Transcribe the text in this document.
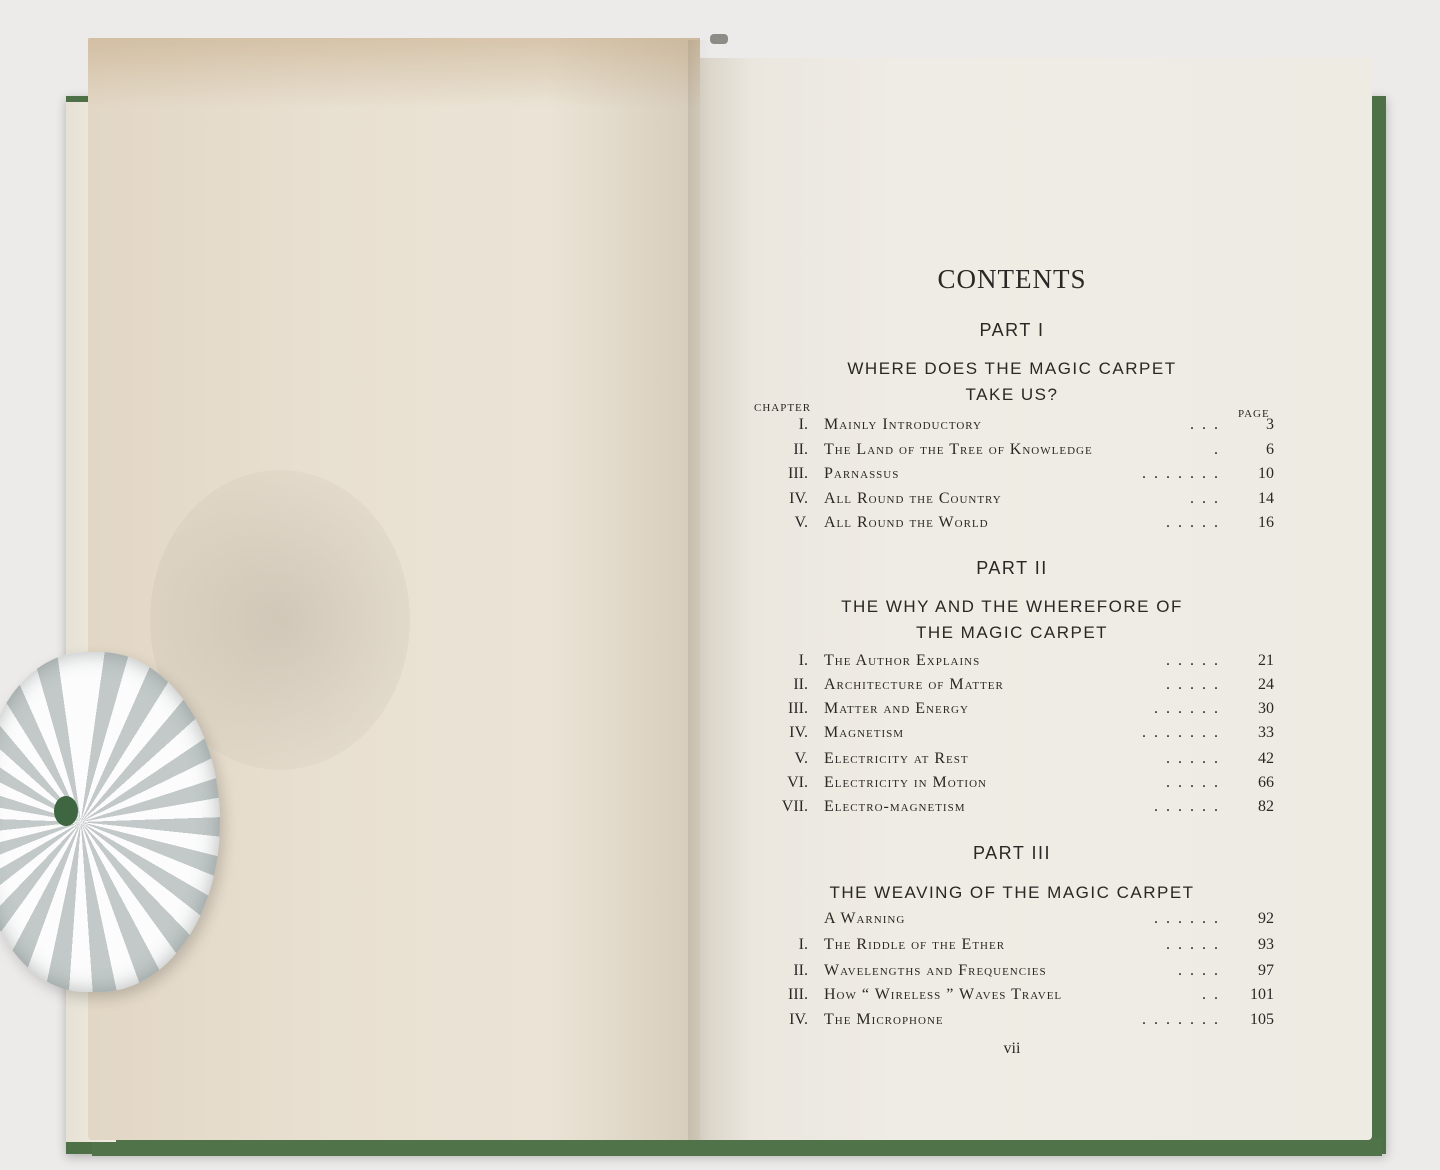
CONTENTS
PART I
WHERE DOES THE MAGIC CARPET
TAKE US?
CHAPTER	PAGE
I. Mainly Introductory	. . .	3
II. The Land of the Tree of Knowledge	.	6
III. Parnassus	. . . . . . .	10
IV. All Round the Country	. . .	14
V. All Round the World	. . . . .	16
PART II
THE WHY AND THE WHEREFORE OF
THE MAGIC CARPET
I. The Author Explains	. . . . .	21
II. Architecture of Matter	. . . . .	24
III. Matter and Energy	. . . . . .	30
IV. Magnetism	. . . . . . .	33
V. Electricity at Rest	. . . . .	42
VI. Electricity in Motion	. . . . .	66
VII. Electro-magnetism	. . . . . .	82
PART III
THE WEAVING OF THE MAGIC CARPET
A Warning	. . . . . .	92
I. The Riddle of the Ether	. . . . .	93
II. Wavelengths and Frequencies	. . . .	97
III. How “ Wireless ” Waves Travel	. .	101
IV. The Microphone	. . . . . . .	105
vii
